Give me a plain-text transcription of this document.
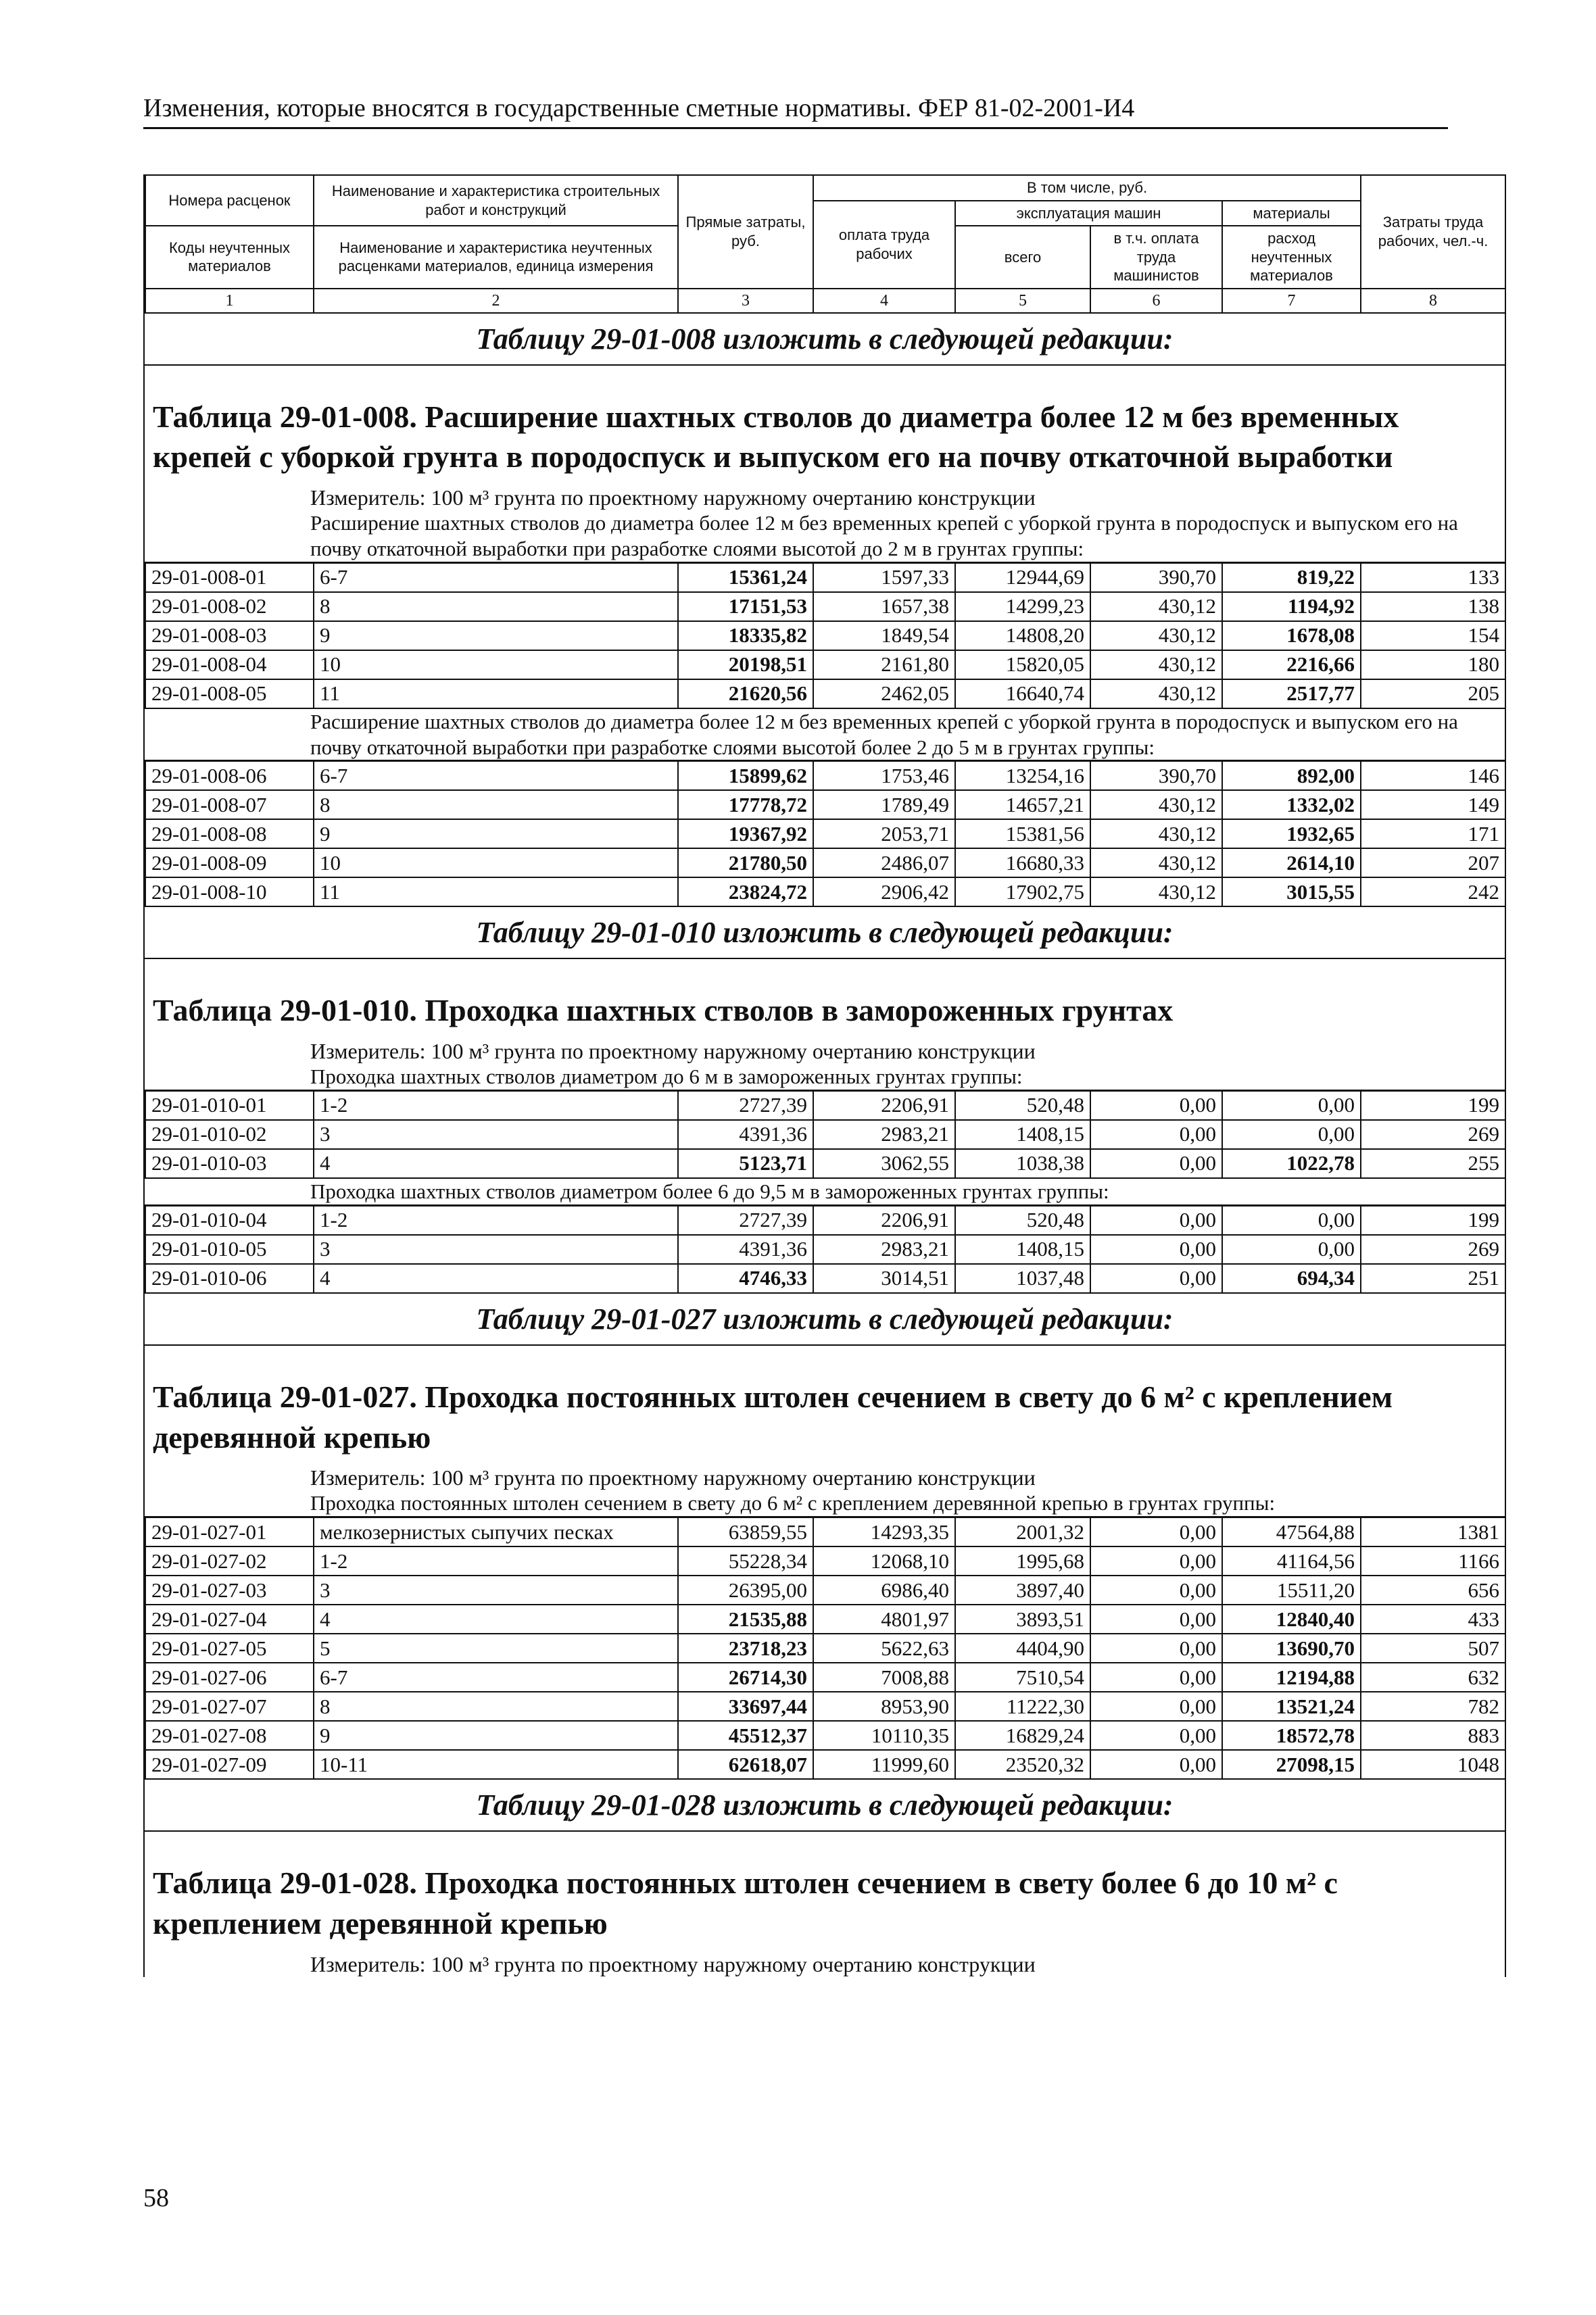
Изменения, которые вносятся в государственные сметные нормативы. ФЕР 81-02-2001-И4
Номера расценок	Наименование и характеристика строительных работ и конструкций	Прямые затраты, руб.	В том числе, руб.				Затраты труда рабочих, чел.-ч.
			оплата труда рабочих	эксплуатация машин		материалы	
Коды неучтенных материалов	Наименование и характеристика неучтенных расценками материалов, единица измерения			всего	в т.ч. оплата труда машинистов	расход неучтенных материалов	

1	2	3	4	5	6	7	8
Таблицу 29-01-008 изложить в следующей редакции:
Таблица 29-01-008. Расширение шахтных стволов до диаметра более 12 м без временных крепей с уборкой грунта в породоспуск и выпуском его на почву откаточной выработки
Измеритель: 100 м³ грунта по проектному наружному очертанию конструкции
Расширение шахтных стволов до диаметра более 12 м без временных крепей с уборкой грунта в породоспуск и выпуском его на почву откаточной выработки при разработке слоями высотой до 2 м в грунтах группы:
29-01-008-01	6-7	15361,24	1597,33	12944,69	390,70	819,22	133
29-01-008-02	8	17151,53	1657,38	14299,23	430,12	1194,92	138
29-01-008-03	9	18335,82	1849,54	14808,20	430,12	1678,08	154
29-01-008-04	10	20198,51	2161,80	15820,05	430,12	2216,66	180
29-01-008-05	11	21620,56	2462,05	16640,74	430,12	2517,77	205
Расширение шахтных стволов до диаметра более 12 м без временных крепей с уборкой грунта в породоспуск и выпуском его на почву откаточной выработки при разработке слоями высотой более 2 до 5 м в грунтах группы:
29-01-008-06	6-7	15899,62	1753,46	13254,16	390,70	892,00	146
29-01-008-07	8	17778,72	1789,49	14657,21	430,12	1332,02	149
29-01-008-08	9	19367,92	2053,71	15381,56	430,12	1932,65	171
29-01-008-09	10	21780,50	2486,07	16680,33	430,12	2614,10	207
29-01-008-10	11	23824,72	2906,42	17902,75	430,12	3015,55	242
Таблицу 29-01-010 изложить в следующей редакции:
Таблица 29-01-010. Проходка шахтных стволов в замороженных грунтах
Измеритель: 100 м³ грунта по проектному наружному очертанию конструкции
Проходка шахтных стволов диаметром до 6 м в замороженных грунтах группы:
29-01-010-01	1-2	2727,39	2206,91	520,48	0,00	0,00	199
29-01-010-02	3	4391,36	2983,21	1408,15	0,00	0,00	269
29-01-010-03	4	5123,71	3062,55	1038,38	0,00	1022,78	255
Проходка шахтных стволов диаметром более 6 до 9,5 м в замороженных грунтах группы:
29-01-010-04	1-2	2727,39	2206,91	520,48	0,00	0,00	199
29-01-010-05	3	4391,36	2983,21	1408,15	0,00	0,00	269
29-01-010-06	4	4746,33	3014,51	1037,48	0,00	694,34	251
Таблицу 29-01-027 изложить в следующей редакции:
Таблица 29-01-027. Проходка постоянных штолен сечением в свету до 6 м² с креплением деревянной крепью
Измеритель: 100 м³ грунта по проектному наружному очертанию конструкции
Проходка постоянных штолен сечением в свету до 6 м² с креплением деревянной крепью в грунтах группы:
29-01-027-01	мелкозернистых сыпучих песках	63859,55	14293,35	2001,32	0,00	47564,88	1381
29-01-027-02	1-2	55228,34	12068,10	1995,68	0,00	41164,56	1166
29-01-027-03	3	26395,00	6986,40	3897,40	0,00	15511,20	656
29-01-027-04	4	21535,88	4801,97	3893,51	0,00	12840,40	433
29-01-027-05	5	23718,23	5622,63	4404,90	0,00	13690,70	507
29-01-027-06	6-7	26714,30	7008,88	7510,54	0,00	12194,88	632
29-01-027-07	8	33697,44	8953,90	11222,30	0,00	13521,24	782
29-01-027-08	9	45512,37	10110,35	16829,24	0,00	18572,78	883
29-01-027-09	10-11	62618,07	11999,60	23520,32	0,00	27098,15	1048
Таблицу 29-01-028 изложить в следующей редакции:
Таблица 29-01-028. Проходка постоянных штолен сечением в свету более 6 до 10 м² с креплением деревянной крепью
Измеритель: 100 м³ грунта по проектному наружному очертанию конструкции
58
